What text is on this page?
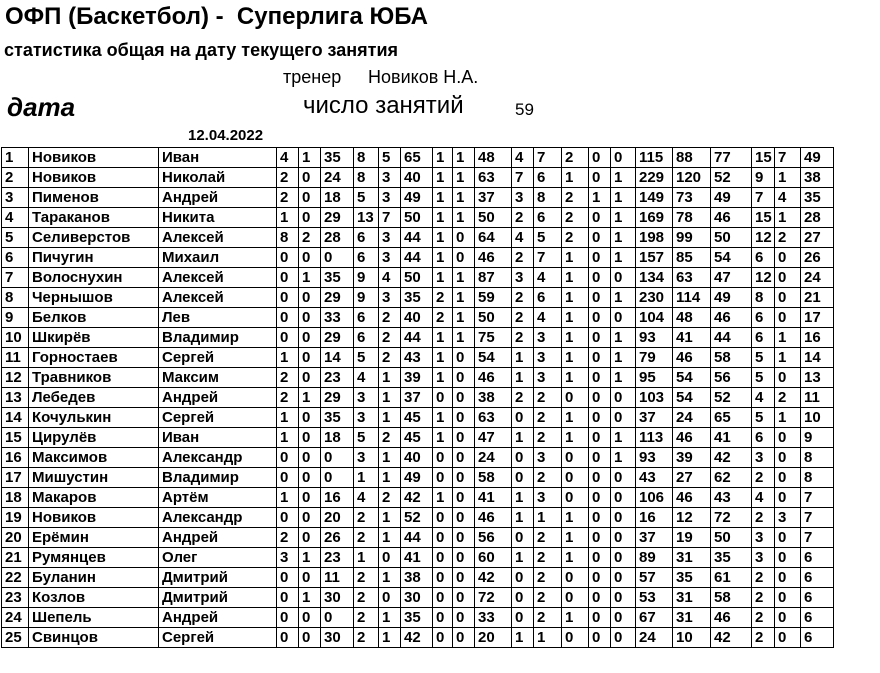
ОФП (Баскетбол) -  Суперлига ЮБА
статистика общая на дату текущего занятия
тренер Новиков Н.А.
дата	число занятий	59
12.04.2022
1	Новиков	Иван	4	1	35	8	5	65	1	1	48	4	7	2	0	0	115	88	77	15	7	49
2	Новиков	Николай	2	0	24	8	3	40	1	1	63	7	6	1	0	1	229	120	52	9	1	38
3	Пименов	Андрей	2	0	18	5	3	49	1	1	37	3	8	2	1	1	149	73	49	7	4	35
4	Тараканов	Никита	1	0	29	13	7	50	1	1	50	2	6	2	0	1	169	78	46	15	1	28
5	Селиверстов	Алексей	8	2	28	6	3	44	1	0	64	4	5	2	0	1	198	99	50	12	2	27
6	Пичугин	Михаил	0	0	0	6	3	44	1	0	46	2	7	1	0	1	157	85	54	6	0	26
7	Волоснухин	Алексей	0	1	35	9	4	50	1	1	87	3	4	1	0	0	134	63	47	12	0	24
8	Чернышов	Алексей	0	0	29	9	3	35	2	1	59	2	6	1	0	1	230	114	49	8	0	21
9	Белков	Лев	0	0	33	6	2	40	2	1	50	2	4	1	0	0	104	48	46	6	0	17
10	Шкирёв	Владимир	0	0	29	6	2	44	1	1	75	2	3	1	0	1	93	41	44	6	1	16
11	Горностаев	Сергей	1	0	14	5	2	43	1	0	54	1	3	1	0	1	79	46	58	5	1	14
12	Травников	Максим	2	0	23	4	1	39	1	0	46	1	3	1	0	1	95	54	56	5	0	13
13	Лебедев	Андрей	2	1	29	3	1	37	0	0	38	2	2	0	0	0	103	54	52	4	2	11
14	Кочулькин	Сергей	1	0	35	3	1	45	1	0	63	0	2	1	0	0	37	24	65	5	1	10
15	Цирулёв	Иван	1	0	18	5	2	45	1	0	47	1	2	1	0	1	113	46	41	6	0	9
16	Максимов	Александр	0	0	0	3	1	40	0	0	24	0	3	0	0	1	93	39	42	3	0	8
17	Мишустин	Владимир	0	0	0	1	1	49	0	0	58	0	2	0	0	0	43	27	62	2	0	8
18	Макаров	Артём	1	0	16	4	2	42	1	0	41	1	3	0	0	0	106	46	43	4	0	7
19	Новиков	Александр	0	0	20	2	1	52	0	0	46	1	1	1	0	0	16	12	72	2	3	7
20	Ерёмин	Андрей	2	0	26	2	1	44	0	0	56	0	2	1	0	0	37	19	50	3	0	7
21	Румянцев	Олег	3	1	23	1	0	41	0	0	60	1	2	1	0	0	89	31	35	3	0	6
22	Буланин	Дмитрий	0	0	11	2	1	38	0	0	42	0	2	0	0	0	57	35	61	2	0	6
23	Козлов	Дмитрий	0	1	30	2	0	30	0	0	72	0	2	0	0	0	53	31	58	2	0	6
24	Шепель	Андрей	0	0	0	2	1	35	0	0	33	0	2	1	0	0	67	31	46	2	0	6
25	Свинцов	Сергей	0	0	30	2	1	42	0	0	20	1	1	0	0	0	24	10	42	2	0	6
